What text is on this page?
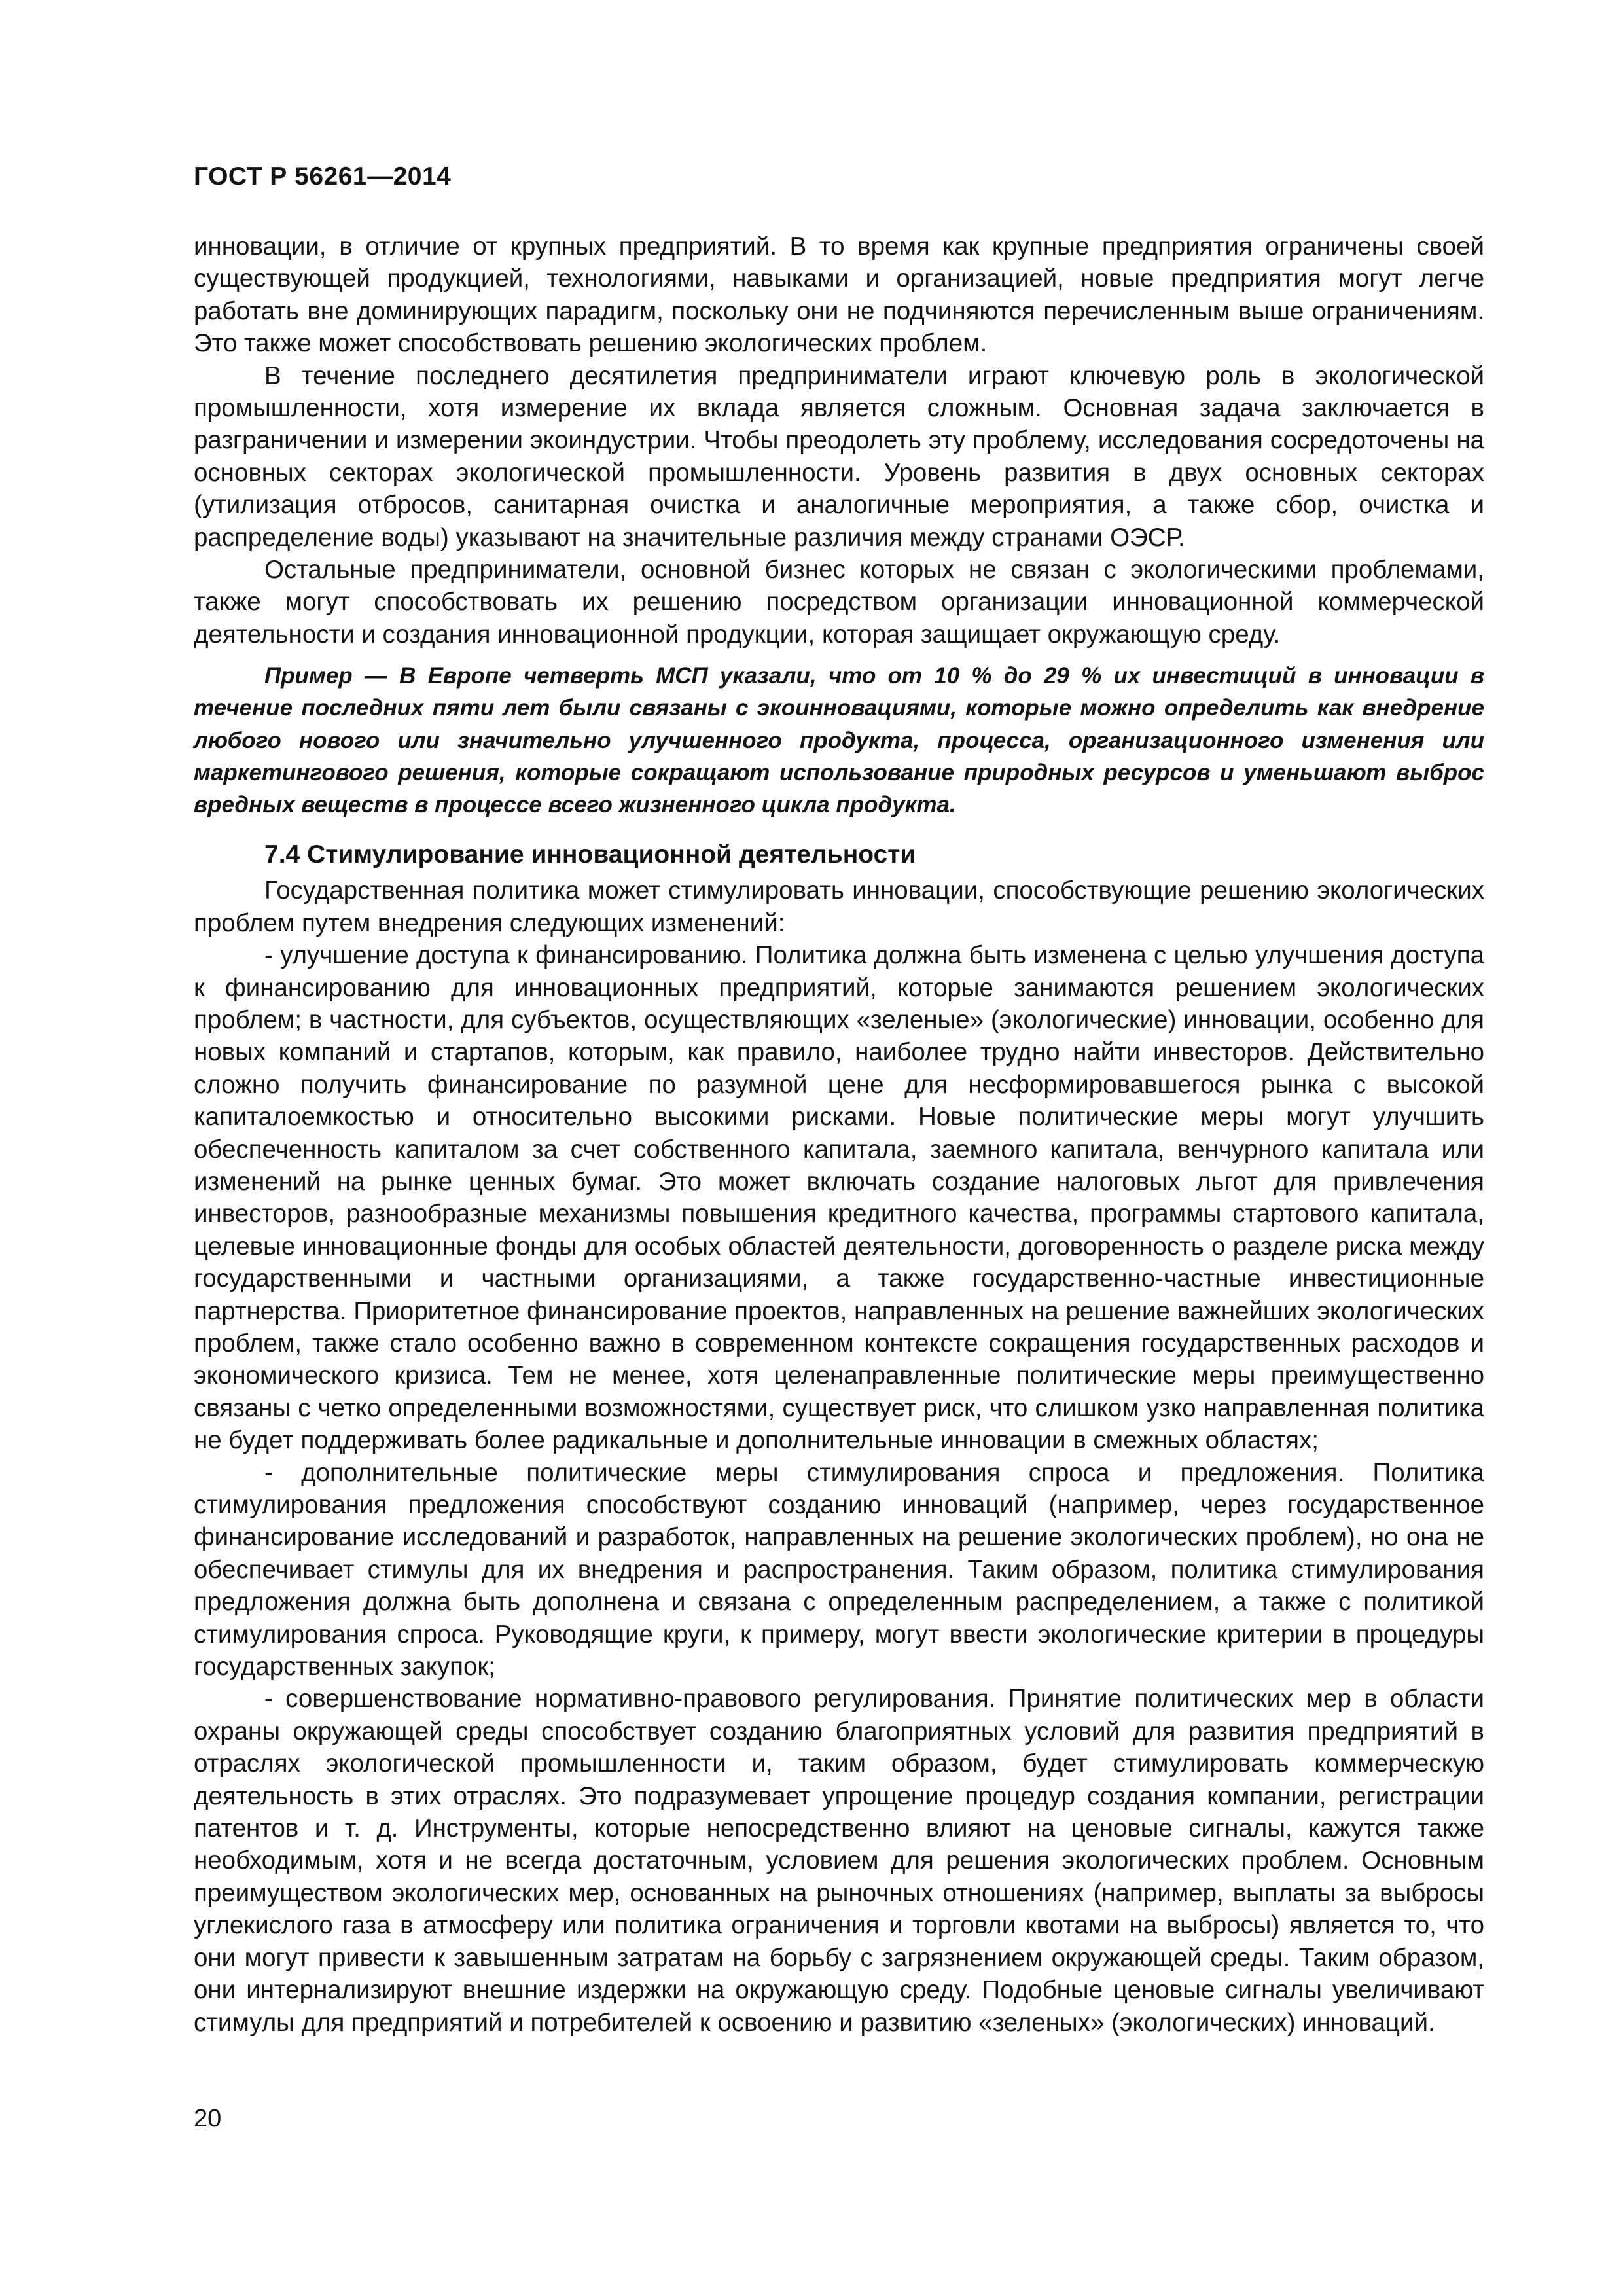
ГОСТ Р 56261—2014

инновации, в отличие от крупных предприятий. В то время как крупные предприятия ограничены своей существующей продукцией, технологиями, навыками и организацией, новые предприятия могут легче работать вне доминирующих парадигм, поскольку они не подчиняются перечисленным выше ограничениям. Это также может способствовать решению экологических проблем.

В течение последнего десятилетия предприниматели играют ключевую роль в экологической промышленности, хотя измерение их вклада является сложным. Основная задача заключается в разграничении и измерении экоиндустрии. Чтобы преодолеть эту проблему, исследования сосредоточены на основных секторах экологической промышленности. Уровень развития в двух основных секторах (утилизация отбросов, санитарная очистка и аналогичные мероприятия, а также сбор, очистка и распределение воды) указывают на значительные различия между странами ОЭСР.

Остальные предприниматели, основной бизнес которых не связан с экологическими проблемами, также могут способствовать их решению посредством организации инновационной коммерческой деятельности и создания инновационной продукции, которая защищает окружающую среду.

Пример — В Европе четверть МСП указали, что от 10 % до 29 % их инвестиций в инновации в течение последних пяти лет были связаны с экоинновациями, которые можно определить как внедрение любого нового или значительно улучшенного продукта, процесса, организационного изменения или маркетингового решения, которые сокращают использование природных ресурсов и уменьшают выброс вредных веществ в процессе всего жизненного цикла продукта.

7.4 Стимулирование инновационной деятельности

Государственная политика может стимулировать инновации, способствующие решению экологических проблем путем внедрения следующих изменений:

- улучшение доступа к финансированию. Политика должна быть изменена с целью улучшения доступа к финансированию для инновационных предприятий, которые занимаются решением экологических проблем; в частности, для субъектов, осуществляющих «зеленые» (экологические) инновации, особенно для новых компаний и стартапов, которым, как правило, наиболее трудно найти инвесторов. Действительно сложно получить финансирование по разумной цене для несформировавшегося рынка с высокой капиталоемкостью и относительно высокими рисками. Новые политические меры могут улучшить обеспеченность капиталом за счет собственного капитала, заемного капитала, венчурного капитала или изменений на рынке ценных бумаг. Это может включать создание налоговых льгот для привлечения инвесторов, разнообразные механизмы повышения кредитного качества, программы стартового капитала, целевые инновационные фонды для особых областей деятельности, договоренность о разделе риска между государственными и частными организациями, а также государственно-частные инвестиционные партнерства. Приоритетное финансирование проектов, направленных на решение важнейших экологических проблем, также стало особенно важно в современном контексте сокращения государственных расходов и экономического кризиса. Тем не менее, хотя целенаправленные политические меры преимущественно связаны с четко определенными возможностями, существует риск, что слишком узко направленная политика не будет поддерживать более радикальные и дополнительные инновации в смежных областях;

- дополнительные политические меры стимулирования спроса и предложения. Политика стимулирования предложения способствуют созданию инноваций (например, через государственное финансирование исследований и разработок, направленных на решение экологических проблем), но она не обеспечивает стимулы для их внедрения и распространения. Таким образом, политика стимулирования предложения должна быть дополнена и связана с определенным распределением, а также с политикой стимулирования спроса. Руководящие круги, к примеру, могут ввести экологические критерии в процедуры государственных закупок;

- совершенствование нормативно-правового регулирования. Принятие политических мер в области охраны окружающей среды способствует созданию благоприятных условий для развития предприятий в отраслях экологической промышленности и, таким образом, будет стимулировать коммерческую деятельность в этих отраслях. Это подразумевает упрощение процедур создания компании, регистрации патентов и т. д. Инструменты, которые непосредственно влияют на ценовые сигналы, кажутся также необходимым, хотя и не всегда достаточным, условием для решения экологических проблем. Основным преимуществом экологических мер, основанных на рыночных отношениях (например, выплаты за выбросы углекислого газа в атмосферу или политика ограничения и торговли квотами на выбросы) является то, что они могут привести к завышенным затратам на борьбу с загрязнением окружающей среды. Таким образом, они интернализируют внешние издержки на окружающую среду. Подобные ценовые сигналы увеличивают стимулы для предприятий и потребителей к освоению и развитию «зеленых» (экологических) инноваций.

20
